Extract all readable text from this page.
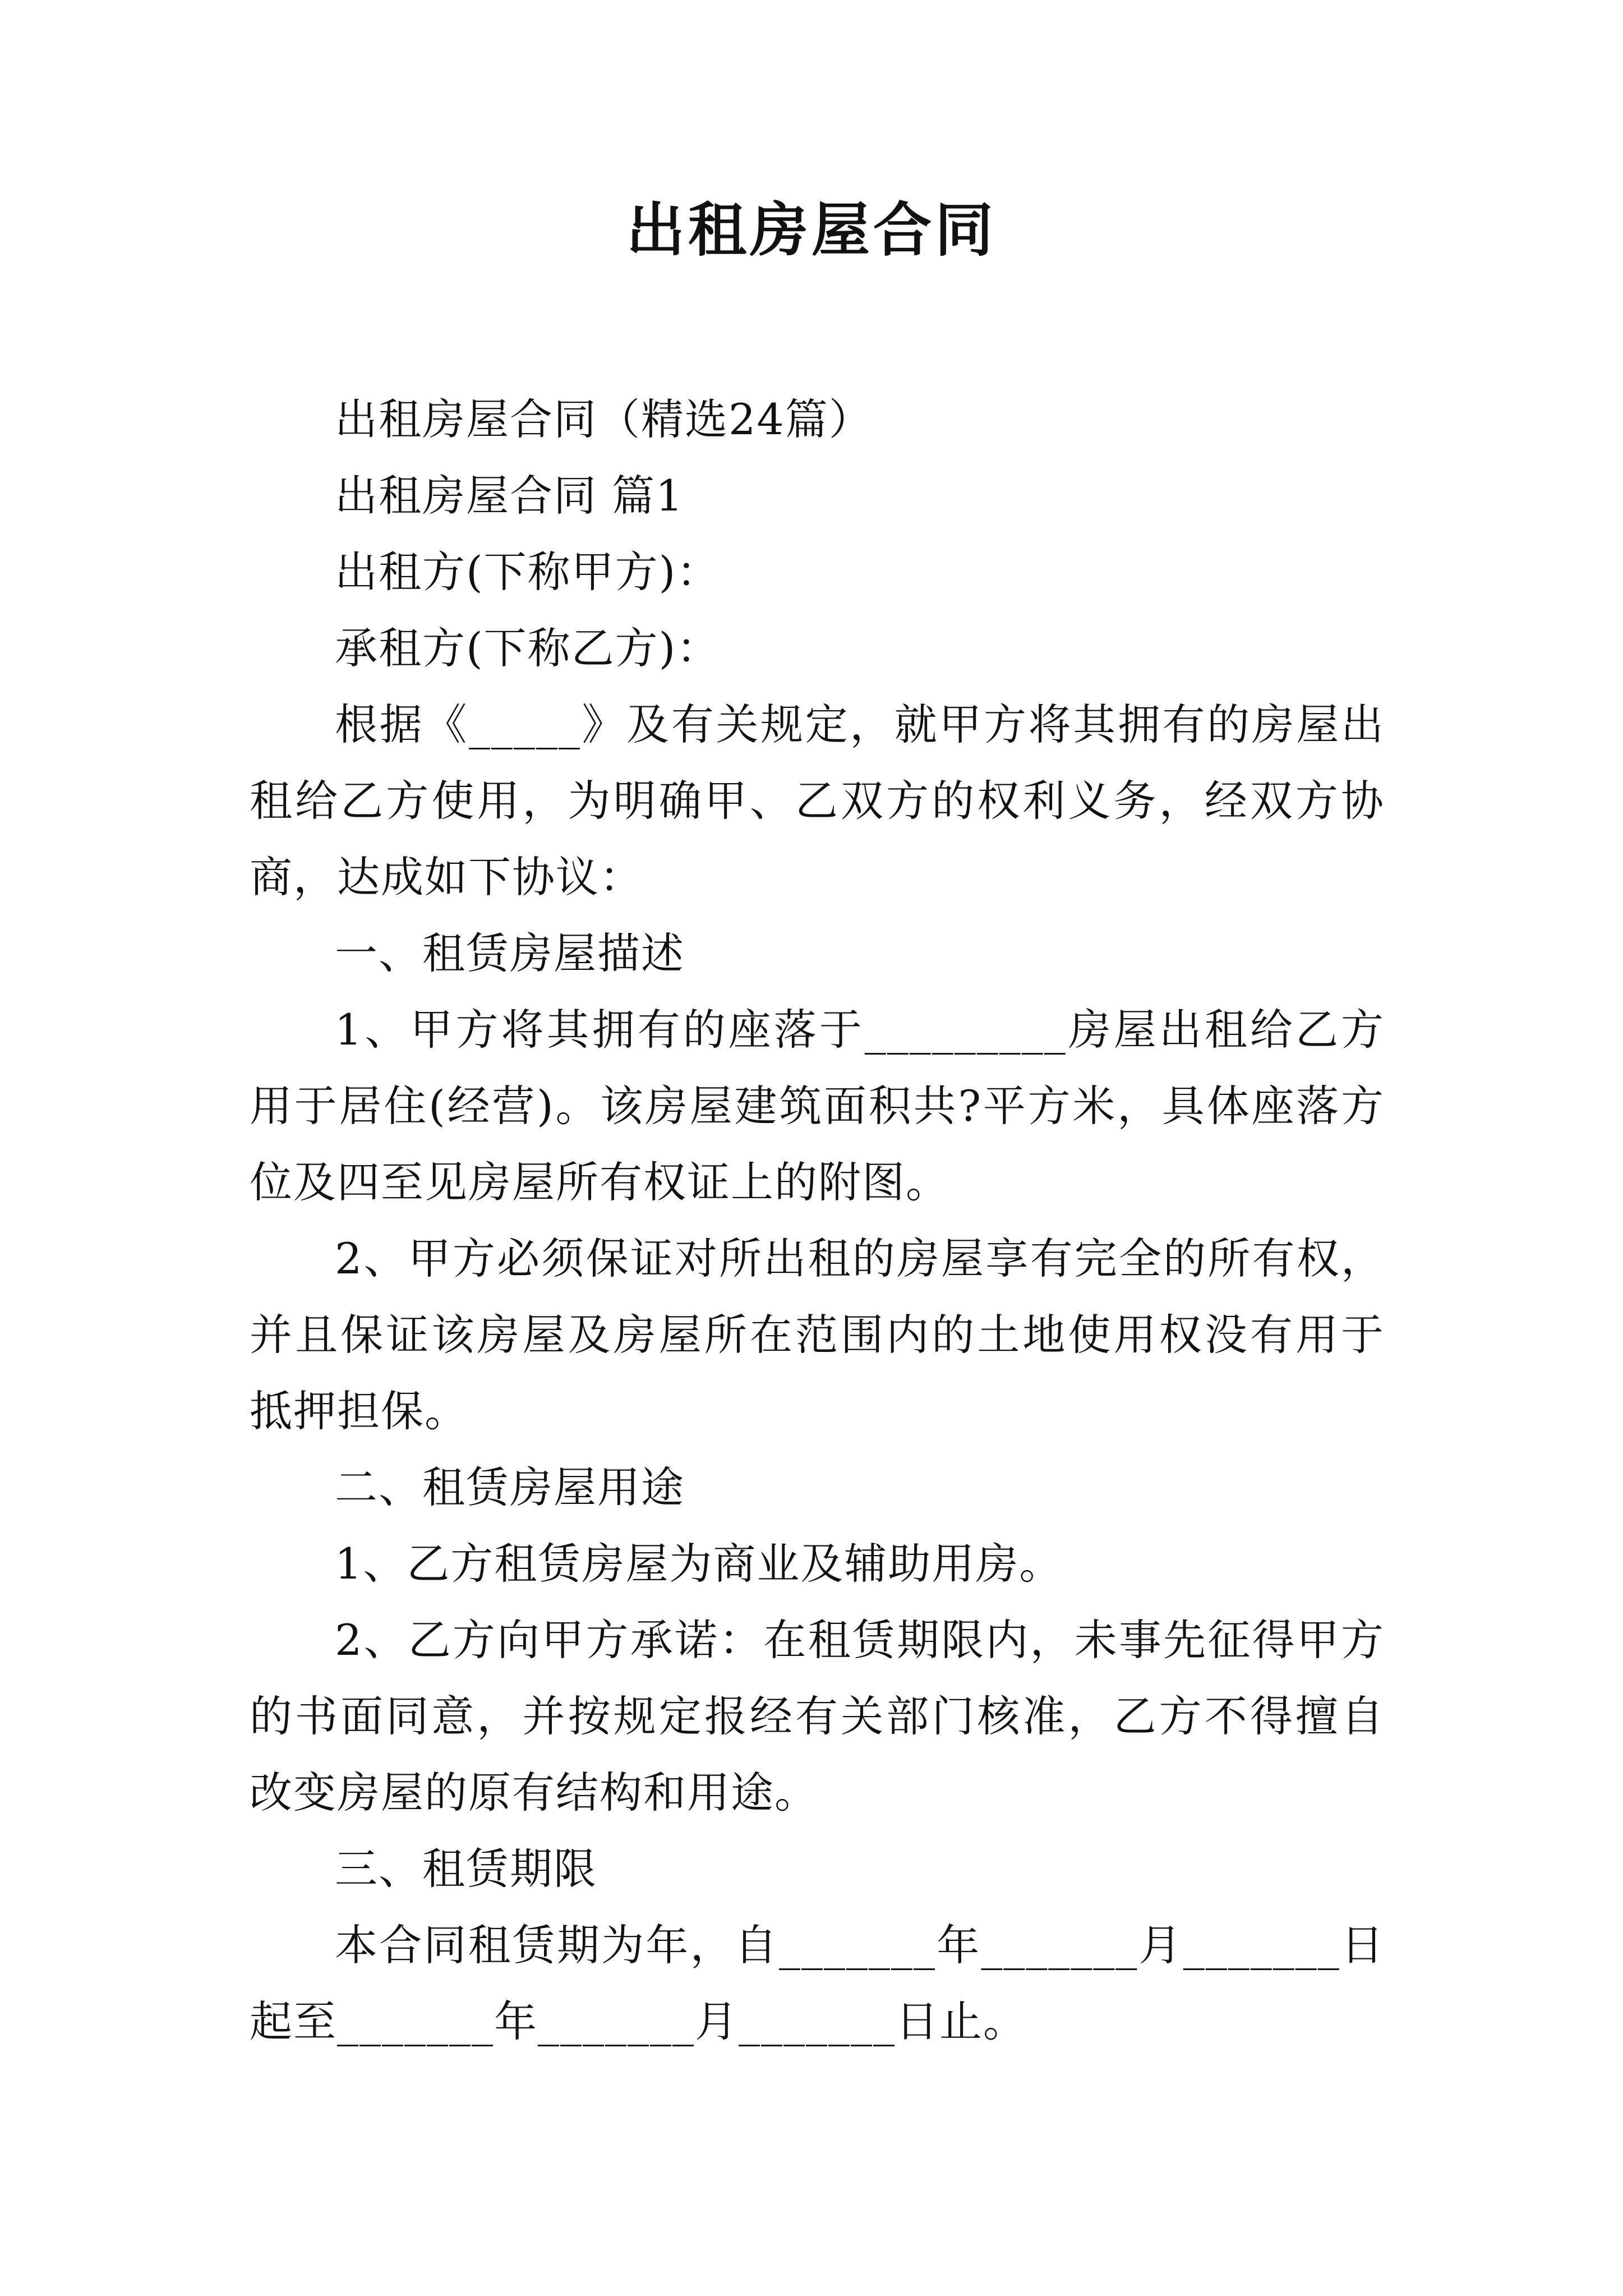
出租房屋合同

出租房屋合同（精选24篇）

出租房屋合同 篇1

出租方(下称甲方)：

承租方(下称乙方)：

根据《_____》及有关规定，就甲方将其拥有的房屋出租给乙方使用，为明确甲、乙双方的权利义务，经双方协商，达成如下协议：

一、租赁房屋描述

1、甲方将其拥有的座落于_________房屋出租给乙方用于居住(经营)。该房屋建筑面积共?平方米，具体座落方位及四至见房屋所有权证上的附图。

2、甲方必须保证对所出租的房屋享有完全的所有权，并且保证该房屋及房屋所在范围内的土地使用权没有用于抵押担保。

二、租赁房屋用途

1、乙方租赁房屋为商业及辅助用房。

2、乙方向甲方承诺：在租赁期限内，未事先征得甲方的书面同意，并按规定报经有关部门核准，乙方不得擅自改变房屋的原有结构和用途。

三、租赁期限

本合同租赁期为年，自_______年_______月_______日起至_______年_______月_______日止。
